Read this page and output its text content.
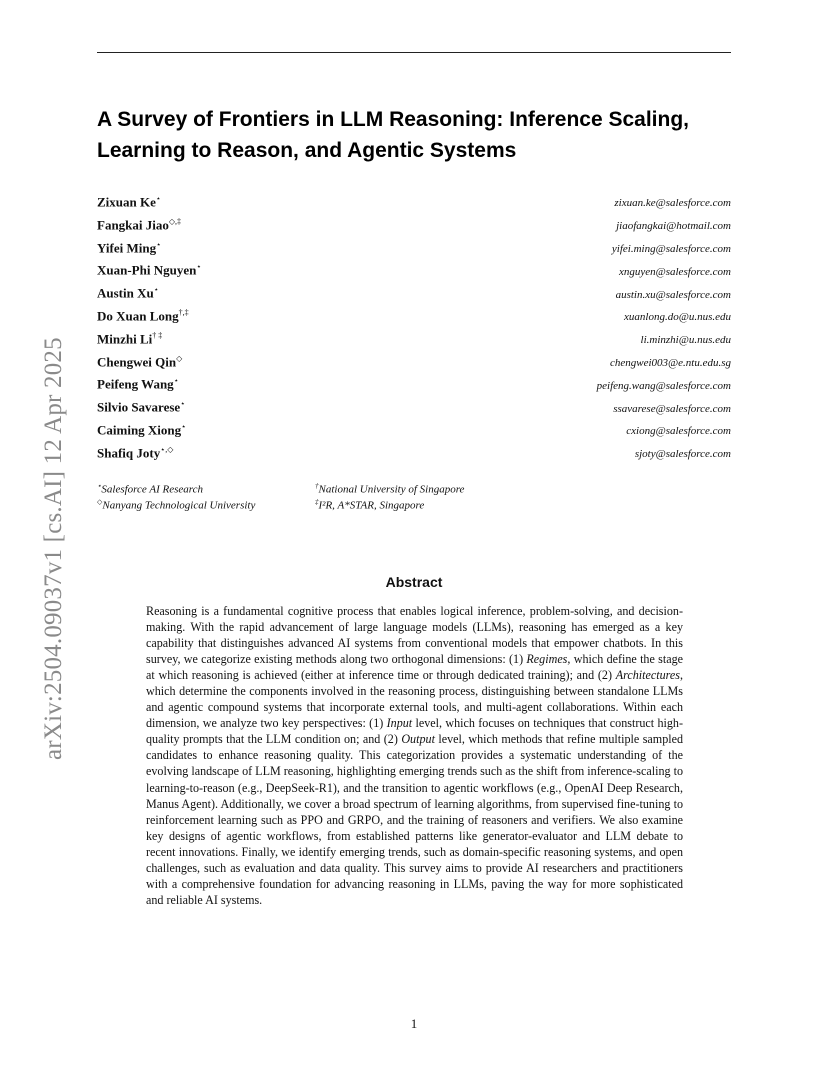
arXiv:2504.09037v1 [cs.AI] 12 Apr 2025
A Survey of Frontiers in LLM Reasoning: Inference Scaling,
Learning to Reason, and Agentic Systems
Zixuan Ke⋆	zixuan.ke@salesforce.com
Fangkai Jiao◇,‡	jiaofangkai@hotmail.com
Yifei Ming⋆	yifei.ming@salesforce.com
Xuan-Phi Nguyen⋆	xnguyen@salesforce.com
Austin Xu⋆	austin.xu@salesforce.com
Do Xuan Long†,‡	xuanlong.do@u.nus.edu
Minzhi Li† ‡	li.minzhi@u.nus.edu
Chengwei Qin◇	chengwei003@e.ntu.edu.sg
Peifeng Wang⋆	peifeng.wang@salesforce.com
Silvio Savarese⋆	ssavarese@salesforce.com
Caiming Xiong⋆	cxiong@salesforce.com
Shafiq Joty⋆,◇	sjoty@salesforce.com
⋆Salesforce AI Research
◇Nanyang Technological University
†National University of Singapore
‡I²R, A*STAR, Singapore
Abstract
Reasoning is a fundamental cognitive process that enables logical inference, problem-solving, and decision-making. With the rapid advancement of large language models (LLMs), reasoning has emerged as a key capability that distinguishes advanced AI systems from conventional models that empower chatbots. In this survey, we categorize existing methods along two orthogonal dimensions: (1) Regimes, which define the stage at which reasoning is achieved (either at inference time or through dedicated training); and (2) Architectures, which determine the components involved in the reasoning process, distinguishing between standalone LLMs and agentic compound systems that incorporate external tools, and multi-agent collaborations. Within each dimension, we analyze two key perspectives: (1) Input level, which focuses on techniques that construct high-quality prompts that the LLM condition on; and (2) Output level, which methods that refine multiple sampled candidates to enhance reasoning quality. This categorization provides a systematic understanding of the evolving landscape of LLM reasoning, highlighting emerging trends such as the shift from inference-scaling to learning-to-reason (e.g., DeepSeek-R1), and the transition to agentic workflows (e.g., OpenAI Deep Research, Manus Agent). Additionally, we cover a broad spectrum of learning algorithms, from supervised fine-tuning to reinforcement learning such as PPO and GRPO, and the training of reasoners and verifiers. We also examine key designs of agentic workflows, from established patterns like generator-evaluator and LLM debate to recent innovations. Finally, we identify emerging trends, such as domain-specific reasoning systems, and open challenges, such as evaluation and data quality. This survey aims to provide AI researchers and practitioners with a comprehensive foundation for advancing reasoning in LLMs, paving the way for more sophisticated and reliable AI systems.
1
